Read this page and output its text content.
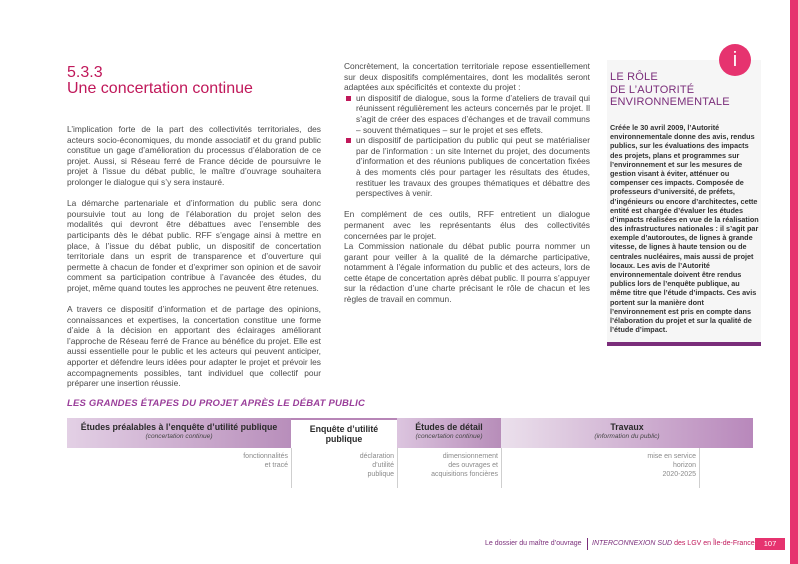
5.3.3
Une concertation continue

L’implication forte de la part des collectivités territoriales, des acteurs socio-économiques, du monde associatif et du grand public constitue un gage d’amélioration du processus d’élaboration de ce projet. Aussi, si Réseau ferré de France décide de poursuivre le projet à l’issue du débat public, le maître d’ouvrage souhaitera prolonger le dialogue qui s’y sera instauré.

La démarche partenariale et d’information du public sera donc poursuivie tout au long de l’élaboration du projet selon des modalités qui devront être débattues avec l’ensemble des participants dès le débat public. RFF s’engage ainsi à mettre en place, à l’issue du débat public, un dispositif de concertation territoriale dans un esprit de transparence et d’ouverture qui permette à chacun de fonder et d’exprimer son opinion et de savoir comment sa participation contribue à l’avancée des études, du projet, même quand toutes les approches ne peuvent être retenues.

A travers ce dispositif d’information et de partage des opinions, connaissances et expertises, la concertation constitue une forme d’aide à la décision en apportant des éclairages améliorant l’approche de Réseau ferré de France au bénéfice du projet. Elle est aussi essentielle pour le public et les acteurs qui peuvent anticiper, apporter et défendre leurs idées pour adapter le projet et prévoir les accompagnements possibles, tant individuel que collectif pour préparer une insertion réussie.

Concrètement, la concertation territoriale repose essentiellement sur deux dispositifs complémentaires, dont les modalités seront adaptées aux spécificités et contexte du projet :

un dispositif de dialogue, sous la forme d’ateliers de travail qui réunissent régulièrement les acteurs concernés par le projet. Il s’agit de créer des espaces d’échanges et de travail communs – souvent thématiques – sur le projet et ses effets.
un dispositif de participation du public qui peut se matérialiser par de l’information : un site Internet du projet, des documents d’information et des réunions publiques de concertation fixées à des moments clés pour partager les résultats des études, restituer les travaux des groupes thématiques et débattre des perspectives à venir.

En complément de ces outils, RFF entretient un dialogue permanent avec les représentants élus des collectivités concernées par le projet.

La Commission nationale du débat public pourra nommer un garant pour veiller à la qualité de la démarche participative, notamment à l’égale information du public et des acteurs, lors de cette étape de concertation après débat public. Il pourra s’appuyer sur la rédaction d’une charte précisant le rôle de chacun et les règles de travail en commun.

i
LE RÔLE
DE L’AUTORITÉ
ENVIRONNEMENTALE
Créée le 30 avril 2009, l’Autorité environnementale donne des avis, rendus publics, sur les évaluations des impacts des projets, plans et programmes sur l’environnement et sur les mesures de gestion visant à éviter, atténuer ou compenser ces impacts. Composée de professeurs d’université, de préfets, d’ingénieurs ou encore d’architectes, cette entité est chargée d’évaluer les études d’impacts réalisées en vue de la réalisation des infrastructures nationales : il s’agit par exemple d’autoroutes, de lignes à grande vitesse, de lignes à haute tension ou de centrales nucléaires, mais aussi de projet locaux. Les avis de l’Autorité environnementale doivent être rendus publics lors de l’enquête publique, au même titre que l’étude d’impacts. Ces avis portent sur la manière dont l’environnement est pris en compte dans l’élaboration du projet et sur la qualité de l’étude d’impact.
LES GRANDES ÉTAPES DU PROJET APRÈS LE DÉBAT PUBLIC
Études préalables à l’enquête d’utilité publique
(concertation continue)
Enquête d’utilité publique
Études de détail
(concertation continue)
Travaux
(information du public)
fonctionnalités
et tracé
déclaration
d’utilité
publique
dimensionnement
des ouvrages et
acquisitions foncières
mise en service
horizon
2020-2025
Le dossier du maître d’ouvrage INTERCONNEXION SUD des LGV en Île-de-France	107
